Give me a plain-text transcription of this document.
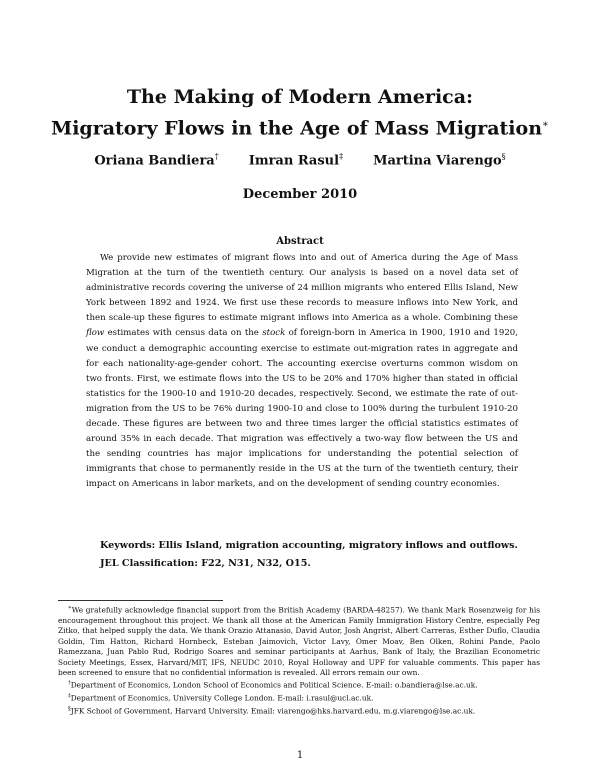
The Making of Modern America:
Migratory Flows in the Age of Mass Migration∗
Oriana Bandiera† Imran Rasul‡ Martina Viarengo§
December 2010
Abstract

We provide new estimates of migrant flows into and out of America during the Age of Mass Migration at the turn of the twentieth century. Our analysis is based on a novel data set of administrative records covering the universe of 24 million migrants who entered Ellis Island, New York between 1892 and 1924. We first use these records to measure inflows into New York, and then scale-up these figures to estimate migrant inflows into America as a whole. Combining these flow estimates with census data on the stock of foreign-born in America in 1900, 1910 and 1920, we conduct a demographic accounting exercise to estimate out-migration rates in aggregate and for each nationality-age-gender cohort. The accounting exercise overturns common wisdom on two fronts. First, we estimate flows into the US to be 20% and 170% higher than stated in official statistics for the 1900-10 and 1910-20 decades, respectively. Second, we estimate the rate of out-migration from the US to be 76% during 1900-10 and close to 100% during the turbulent 1910-20 decade. These figures are between two and three times larger the official statistics estimates of around 35% in each decade. That migration was effectively a two-way flow between the US and the sending countries has major implications for understanding the potential selection of immigrants that chose to permanently reside in the US at the turn of the twentieth century, their impact on Americans in labor markets, and on the development of sending country economies.

Keywords: Ellis Island, migration accounting, migratory inflows and outflows.
JEL Classification: F22, N31, N32, O15.

∗We gratefully acknowledge financial support from the British Academy (BARDA-48257). We thank Mark Rosenzweig for his encouragement throughout this project. We thank all those at the American Family Immigration History Centre, especially Peg Zitko, that helped supply the data. We thank Orazio Attanasio, David Autor, Josh Angrist, Albert Carreras, Esther Duflo, Claudia Goldin, Tim Hatton, Richard Hornbeck, Esteban Jaimovich, Victor Lavy, Omer Moav, Ben Olken, Rohini Pande, Paolo Ramezzana, Juan Pablo Rud, Rodrigo Soares and seminar participants at Aarhus, Bank of Italy, the Brazilian Econometric Society Meetings, Essex, Harvard/MIT, IFS, NEUDC 2010, Royal Holloway and UPF for valuable comments. This paper has been screened to ensure that no confidential information is revealed. All errors remain our own.

†Department of Economics, London School of Economics and Political Science. E-mail: o.bandiera@lse.ac.uk.

‡Department of Economics, University College London. E-mail: i.rasul@ucl.ac.uk.

§JFK School of Government, Harvard University. Email: viarengo@hks.harvard.edu, m.g.viarengo@lse.ac.uk.

1
